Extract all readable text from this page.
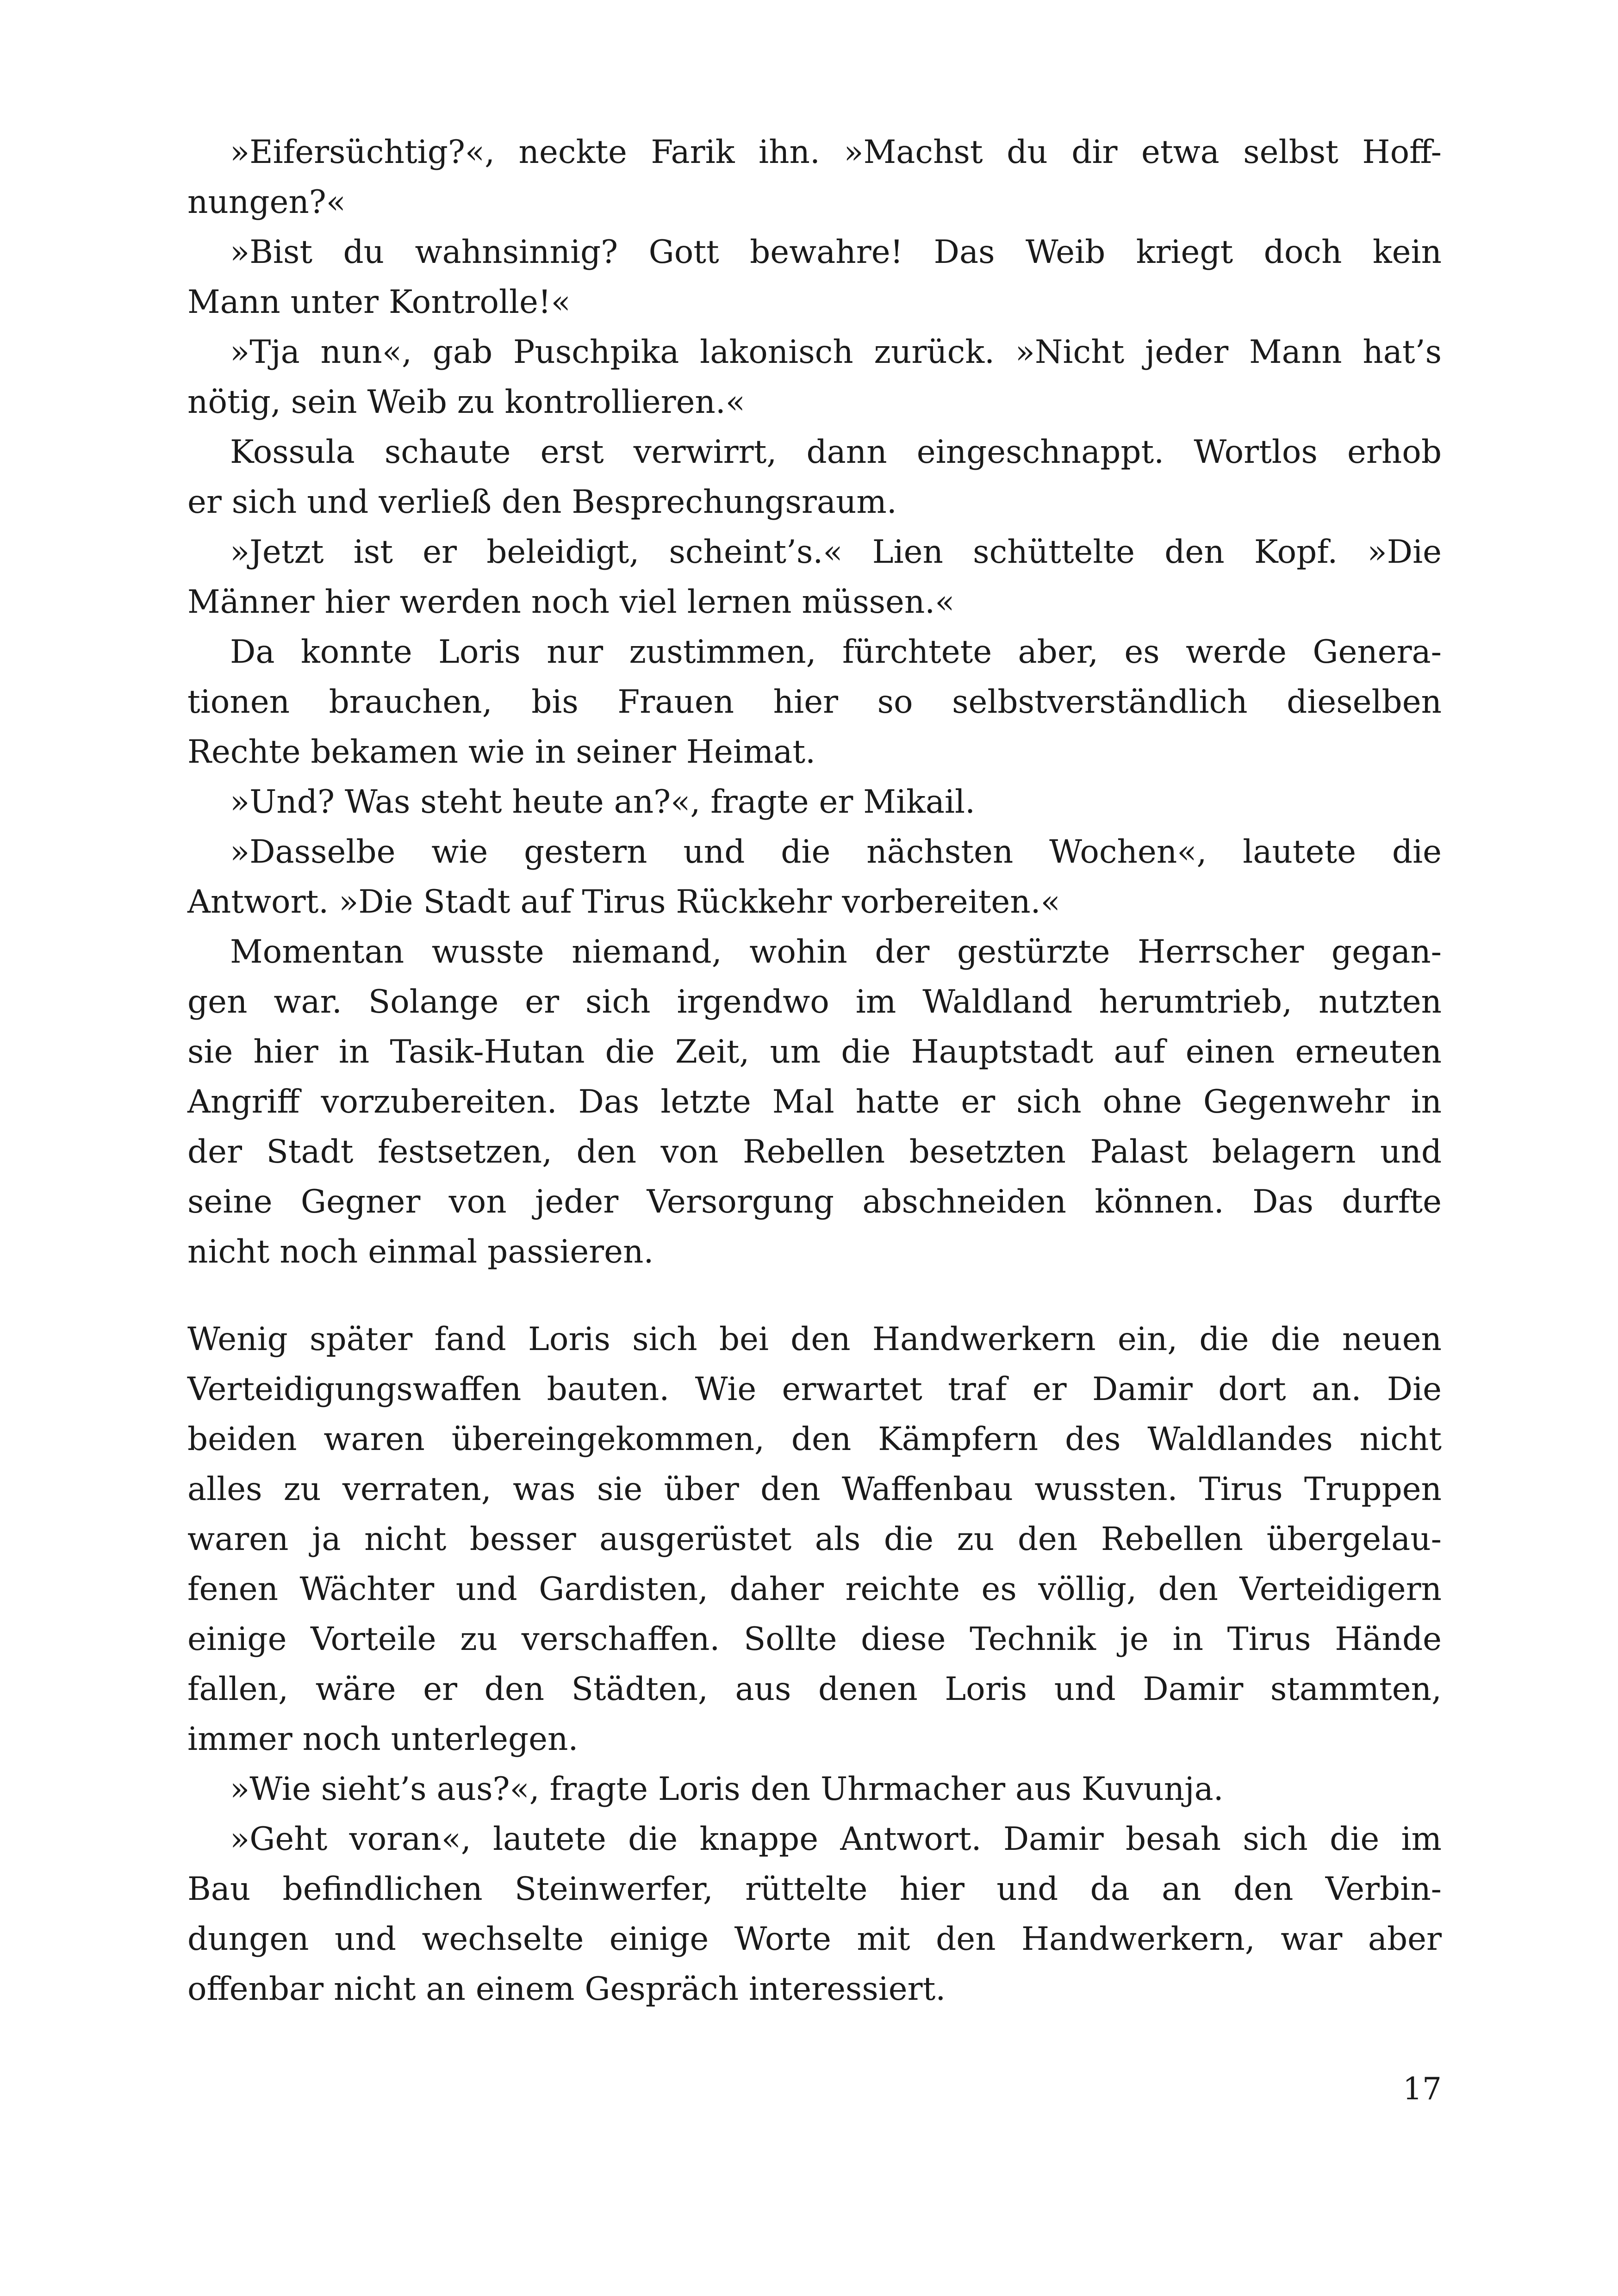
»Eifersüchtig?«, neckte Farik ihn. »Machst du dir etwa selbst Hoff-
nungen?«
»Bist du wahnsinnig? Gott bewahre! Das Weib kriegt doch kein
Mann unter Kontrolle!«
»Tja nun«, gab Puschpika lakonisch zurück. »Nicht jeder Mann hat’s
nötig, sein Weib zu kontrollieren.«
Kossula schaute erst verwirrt, dann eingeschnappt. Wortlos erhob
er sich und verließ den Besprechungsraum.
»Jetzt ist er beleidigt, scheint’s.« Lien schüttelte den Kopf. »Die
Männer hier werden noch viel lernen müssen.«
Da konnte Loris nur zustimmen, fürchtete aber, es werde Genera-
tionen brauchen, bis Frauen hier so selbstverständlich dieselben
Rechte bekamen wie in seiner Heimat.
»Und? Was steht heute an?«, fragte er Mikail.
»Dasselbe wie gestern und die nächsten Wochen«, lautete die
Antwort. »Die Stadt auf Tirus Rückkehr vorbereiten.«
Momentan wusste niemand, wohin der gestürzte Herrscher gegan-
gen war. Solange er sich irgendwo im Waldland herumtrieb, nutzten
sie hier in Tasik-Hutan die Zeit, um die Hauptstadt auf einen erneuten
Angriff vorzubereiten. Das letzte Mal hatte er sich ohne Gegenwehr in
der Stadt festsetzen, den von Rebellen besetzten Palast belagern und
seine Gegner von jeder Versorgung abschneiden können. Das durfte
nicht noch einmal passieren.
Wenig später fand Loris sich bei den Handwerkern ein, die die neuen
Verteidigungswaffen bauten. Wie erwartet traf er Damir dort an. Die
beiden waren übereingekommen, den Kämpfern des Waldlandes nicht
alles zu verraten, was sie über den Waffenbau wussten. Tirus Truppen
waren ja nicht besser ausgerüstet als die zu den Rebellen übergelau-
fenen Wächter und Gardisten, daher reichte es völlig, den Verteidigern
einige Vorteile zu verschaffen. Sollte diese Technik je in Tirus Hände
fallen, wäre er den Städten, aus denen Loris und Damir stammten,
immer noch unterlegen.
»Wie sieht’s aus?«, fragte Loris den Uhrmacher aus Kuvunja.
»Geht voran«, lautete die knappe Antwort. Damir besah sich die im
Bau befindlichen Steinwerfer, rüttelte hier und da an den Verbin-
dungen und wechselte einige Worte mit den Handwerkern, war aber
offenbar nicht an einem Gespräch interessiert.
17
